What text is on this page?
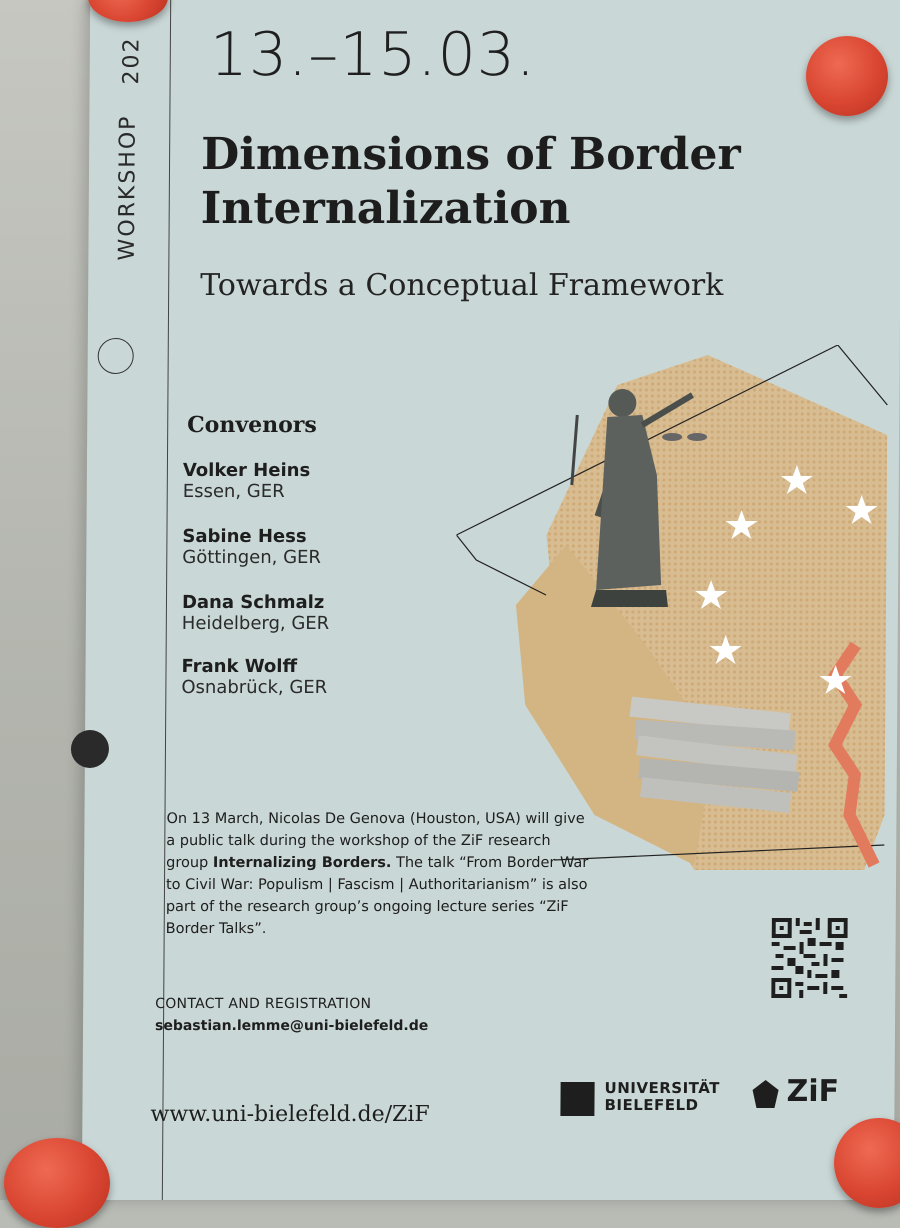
202
WORKSHOP
13.–15.03.
Dimensions of Border Internalization
Towards a Conceptual Framework
Convenors
Volker Heins
Essen, GER
Sabine Hess
Göttingen, GER
Dana Schmalz
Heidelberg, GER
Frank Wolff
Osnabrück, GER
On 13 March, Nicolas De Genova (Houston, USA) will give a public talk during the workshop of the ZiF research group Internalizing Borders. The talk “From Border War to Civil War: Populism | Fascism | Authoritarianism” is also part of the research group’s ongoing lecture series “ZiF Border Talks”.
CONTACT AND REGISTRATION
sebastian.lemme@uni-bielefeld.de
www.uni-bielefeld.de/ZiF
UNIVERSITÄT
BIELEFELD	ZiF
